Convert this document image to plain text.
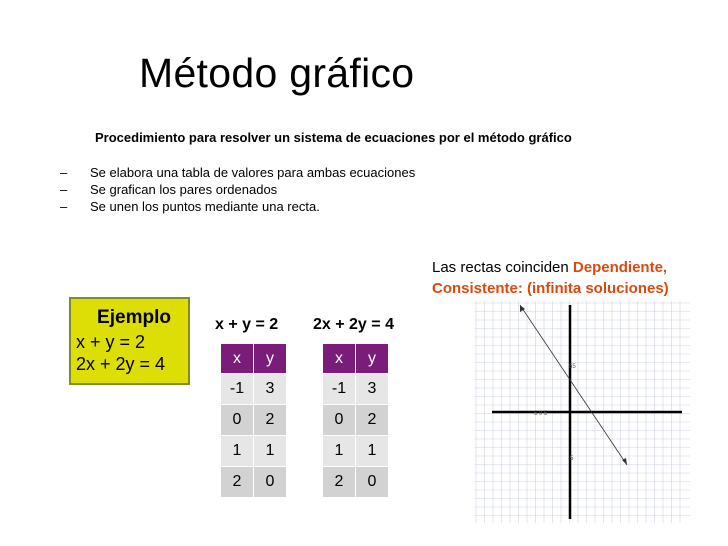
Método gráfico
Procedimiento para resolver un sistema de ecuaciones por el método gráfico
– Se elabora una tabla de valores para ambas ecuaciones
– Se grafican los pares ordenados
– Se unen los puntos mediante una recta.
Las rectas coinciden Dependiente,
Consistente: (infinita soluciones)
Ejemplo
x + y = 2
2x + 2y = 4
x + y = 2 2x + 2y = 4
x	y
-1	3
0	2
1	1
2	0
x	y
-1	3
0	2
1	1
2	0
55
-5 0 5
-5
